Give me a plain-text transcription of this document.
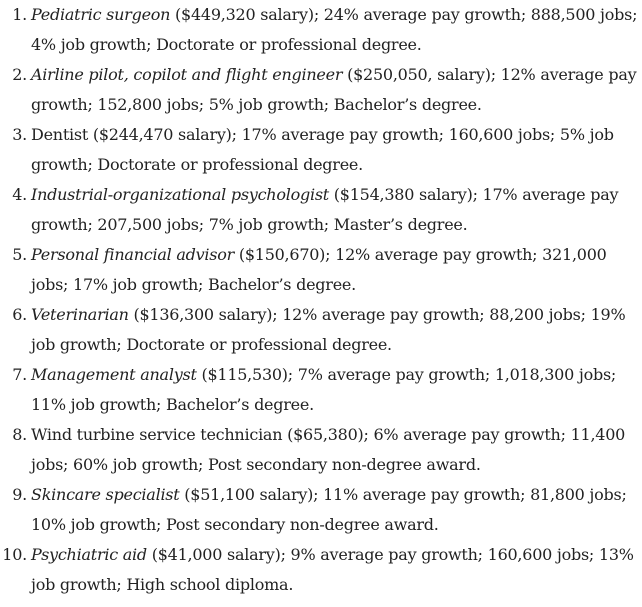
1. Pediatric surgeon ($449,320 salary); 24% average pay growth; 888,500 jobs; 4% job growth; Doctorate or professional degree.
2. Airline pilot, copilot and flight engineer ($250,050, salary); 12% average pay growth; 152,800 jobs; 5% job growth; Bachelor’s degree.
3. Dentist ($244,470 salary); 17% average pay growth; 160,600 jobs; 5% job growth; Doctorate or professional degree.
4. Industrial-organizational psychologist ($154,380 salary); 17% average pay growth; 207,500 jobs; 7% job growth; Master’s degree.
5. Personal financial advisor ($150,670); 12% average pay growth; 321,000 jobs; 17% job growth; Bachelor’s degree.
6. Veterinarian ($136,300 salary); 12% average pay growth; 88,200 jobs; 19% job growth; Doctorate or professional degree.
7. Management analyst ($115,530); 7% average pay growth; 1,018,300 jobs; 11% job growth; Bachelor’s degree.
8. Wind turbine service technician ($65,380); 6% average pay growth; 11,400 jobs; 60% job growth; Post secondary non-degree award.
9. Skincare specialist ($51,100 salary); 11% average pay growth; 81,800 jobs; 10% job growth; Post secondary non-degree award.
10. Psychiatric aid ($41,000 salary); 9% average pay growth; 160,600 jobs; 13% job growth; High school diploma.
